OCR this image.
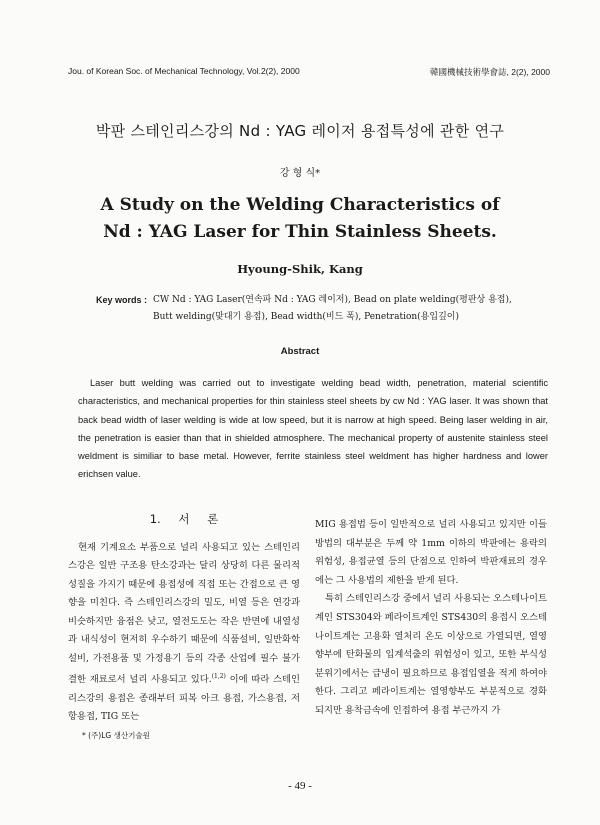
Jou. of Korean Soc. of Mechanical Technology, Vol.2(2), 2000	韓國機械技術學會誌, 2(2), 2000
박판 스테인리스강의 Nd : YAG 레이저 용접특성에 관한 연구
강 형 식*
A Study on the Welding Characteristics of
Nd : YAG Laser for Thin Stainless Sheets.
Hyoung-Shik, Kang
Key words : CW Nd : YAG Laser(연속파 Nd : YAG 레이저), Bead on plate welding(평판상 용접), Butt welding(맞대기 용접), Bead width(비드 폭), Penetration(용입깊이)
Abstract
Laser butt welding was carried out to investigate welding bead width, penetration, material scientific characteristics, and mechanical properties for thin stainless steel sheets by cw Nd : YAG laser. It was shown that back bead width of laser welding is wide at low speed, but it is narrow at high speed. Being laser welding in air, the penetration is easier than that in shielded atmosphere. The mechanical property of austenite stainless steel weldment is similiar to base metal. However, ferrite stainless steel weldment has higher hardness and lower erichsen value.
1. 서 론

현재 기계요소 부품으로 널리 사용되고 있는 스테인리스강은 일반 구조용 탄소강과는 달리 상당히 다른 물리적 성질을 가지기 때문에 용접성에 직접 또는 간접으로 큰 영향을 미친다. 즉 스테인리스강의 밀도, 비열 등은 연강과 비슷하지만 융점은 낮고, 열전도도는 작은 반면에 내열성과 내식성이 현저히 우수하기 때문에 식품설비, 일반화학설비, 가전용품 및 가정용기 등의 각종 산업에 필수 불가결한 재료로서 널리 사용되고 있다.$^{(1,2)}$ 이에 따라 스테인리스강의 용접은 종래부터 피복 아크 용접, 가스용접, 저항용접, TIG 또는

MIG 용접법 등이 일반적으로 널리 사용되고 있지만 이들 방법의 대부분은 두께 약 1mm 이하의 박판에는 용락의 위험성, 용접균열 등의 단점으로 인하여 박판재료의 경우에는 그 사용법의 제한을 받게 된다.

특히 스테인리스강 중에서 널리 사용되는 오스테나이트계인 STS304와 페라이트계인 STS430의 용접시 오스테나이트계는 고용화 열처리 온도 이상으로 가열되면, 열영향부에 탄화물의 입계석출의 위험성이 있고, 또한 부식성 분위기에서는 급냉이 필요하므로 용접입열을 적게 하여야 한다. 그리고 페라이트계는 열영향부도 부분적으로 경화되지만 용착금속에 인접하여 용접 부근까지 가

* (주)LG 생산기술원
- 49 -
